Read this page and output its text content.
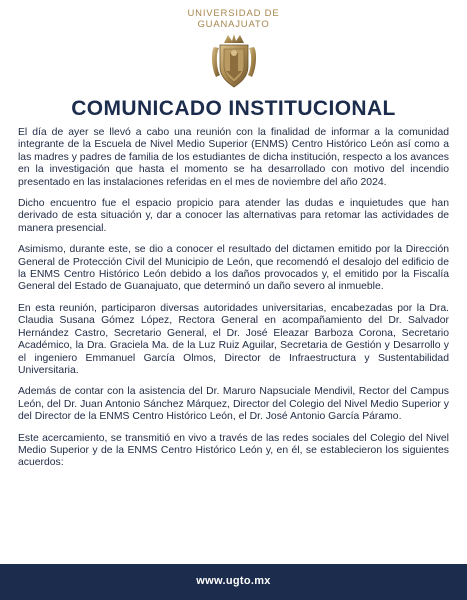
UNIVERSIDAD DE
GUANAJUATO
COMUNICADO INSTITUCIONAL

El día de ayer se llevó a cabo una reunión con la finalidad de informar a la comunidad integrante de la Escuela de Nivel Medio Superior (ENMS) Centro Histórico León así como a las madres y padres de familia de los estudiantes de dicha institución, respecto a los avances en la investigación que hasta el momento se ha desarrollado con motivo del incendio presentado en las instalaciones referidas en el mes de noviembre del año 2024.

Dicho encuentro fue el espacio propicio para atender las dudas e inquietudes que han derivado de esta situación y, dar a conocer las alternativas para retomar las actividades de manera presencial.

Asimismo, durante este, se dio a conocer el resultado del dictamen emitido por la Dirección General de Protección Civil del Municipio de León, que recomendó el desalojo del edificio de la ENMS Centro Histórico León debido a los daños provocados y, el emitido por la Fiscalía General del Estado de Guanajuato, que determinó un daño severo al inmueble.

En esta reunión, participaron diversas autoridades universitarias, encabezadas por la Dra. Claudia Susana Gómez López, Rectora General en acompañamiento del Dr. Salvador Hernández Castro, Secretario General, el Dr. José Eleazar Barboza Corona, Secretario Académico, la Dra. Graciela Ma. de la Luz Ruiz Aguilar, Secretaria de Gestión y Desarrollo y el ingeniero Emmanuel García Olmos, Director de Infraestructura y Sustentabilidad Universitaria.

Además de contar con la asistencia del Dr. Maruro Napsuciale Mendivil, Rector del Campus León, del Dr. Juan Antonio Sánchez Márquez, Director del Colegio del Nivel Medio Superior y del Director de la ENMS Centro Histórico León, el Dr. José Antonio García Páramo.

Este acercamiento, se transmitió en vivo a través de las redes sociales del Colegio del Nivel Medio Superior y de la ENMS Centro Histórico León y, en él, se establecieron los siguientes acuerdos:

www.ugto.mx
